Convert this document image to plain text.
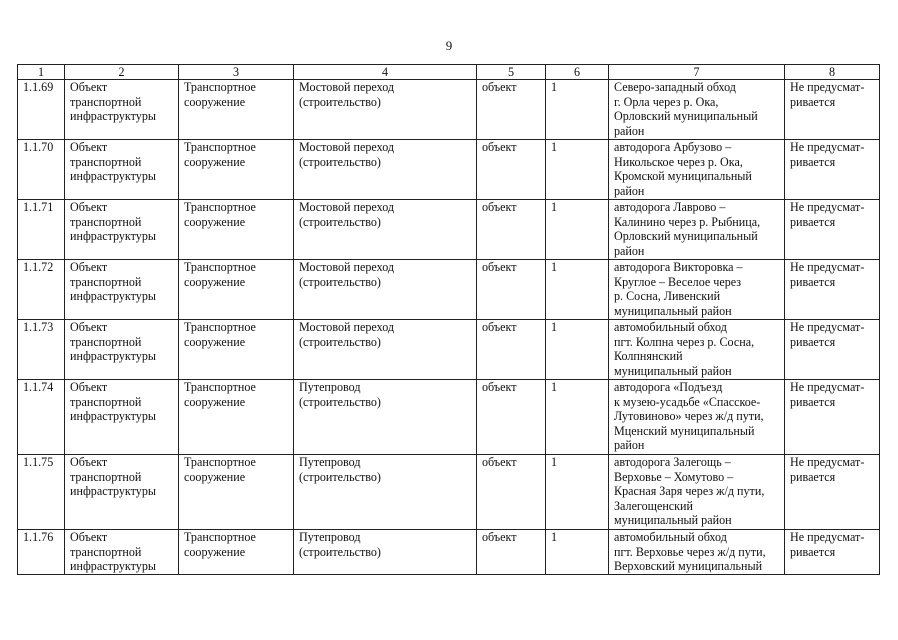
9
1	2	3	4	5	6	7	8
1.1.69	Объект
транспортной
инфраструктуры	Транспортное
сооружение	Мостовой переход
(строительство)	объект	1	Северо-западный обход
г. Орла через р. Ока,
Орловский муниципальный
район	Не предусмат-
ривается
1.1.70	Объект
транспортной
инфраструктуры	Транспортное
сооружение	Мостовой переход
(строительство)	объект	1	автодорога Арбузово –
Никольское через р. Ока,
Кромской муниципальный
район	Не предусмат-
ривается
1.1.71	Объект
транспортной
инфраструктуры	Транспортное
сооружение	Мостовой переход
(строительство)	объект	1	автодорога Лаврово –
Калинино через р. Рыбница,
Орловский муниципальный
район	Не предусмат-
ривается
1.1.72	Объект
транспортной
инфраструктуры	Транспортное
сооружение	Мостовой переход
(строительство)	объект	1	автодорога Викторовка –
Круглое – Веселое через
р. Сосна, Ливенский
муниципальный район	Не предусмат-
ривается
1.1.73	Объект
транспортной
инфраструктуры	Транспортное
сооружение	Мостовой переход
(строительство)	объект	1	автомобильный обход
пгт. Колпна через р. Сосна,
Колпнянский
муниципальный район	Не предусмат-
ривается
1.1.74	Объект
транспортной
инфраструктуры	Транспортное
сооружение	Путепровод
(строительство)	объект	1	автодорога «Подъезд
к музею-усадьбе «Спасское-
Лутовиново» через ж/д пути,
Мценский муниципальный
район	Не предусмат-
ривается
1.1.75	Объект
транспортной
инфраструктуры	Транспортное
сооружение	Путепровод
(строительство)	объект	1	автодорога Залегощь –
Верховье – Хомутово –
Красная Заря через ж/д пути,
Залегощенский
муниципальный район	Не предусмат-
ривается
1.1.76	Объект
транспортной
инфраструктуры	Транспортное
сооружение	Путепровод
(строительство)	объект	1	автомобильный обход
пгт. Верховье через ж/д пути,
Верховский муниципальный	Не предусмат-
ривается
